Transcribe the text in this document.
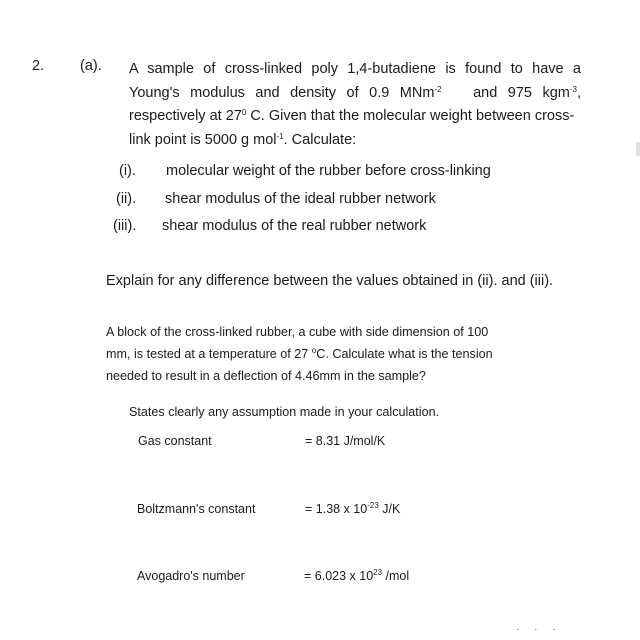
2. (a). A sample of cross-linked poly 1,4-butadiene is found to have a
Young's modulus and density of 0.9 MNm$^{-2}$ and 975 kgm$^{-3}$,
respectively at $27^0$ C. Given that the molecular weight between cross-
link point is 5000 g mol$^{-1}$. Calculate:
(i). molecular weight of the rubber before cross-linking
(ii). shear modulus of the ideal rubber network
(iii). shear modulus of the real rubber network
Explain for any difference between the values obtained in (ii). and (iii).
A block of the cross-linked rubber, a cube with side dimension of 100
mm, is tested at a temperature of 27 $^o$C. Calculate what is the tension
needed to result in a deflection of 4.46mm in the sample?
States clearly any assumption made in your calculation.
Gas constant	= 8.31 J/mol/K
Boltzmann's constant	= 1.38 x $10^{-23}$ J/K
Avogadro's number	= 6.023 x $10^{23}$ /mol
· · ·
